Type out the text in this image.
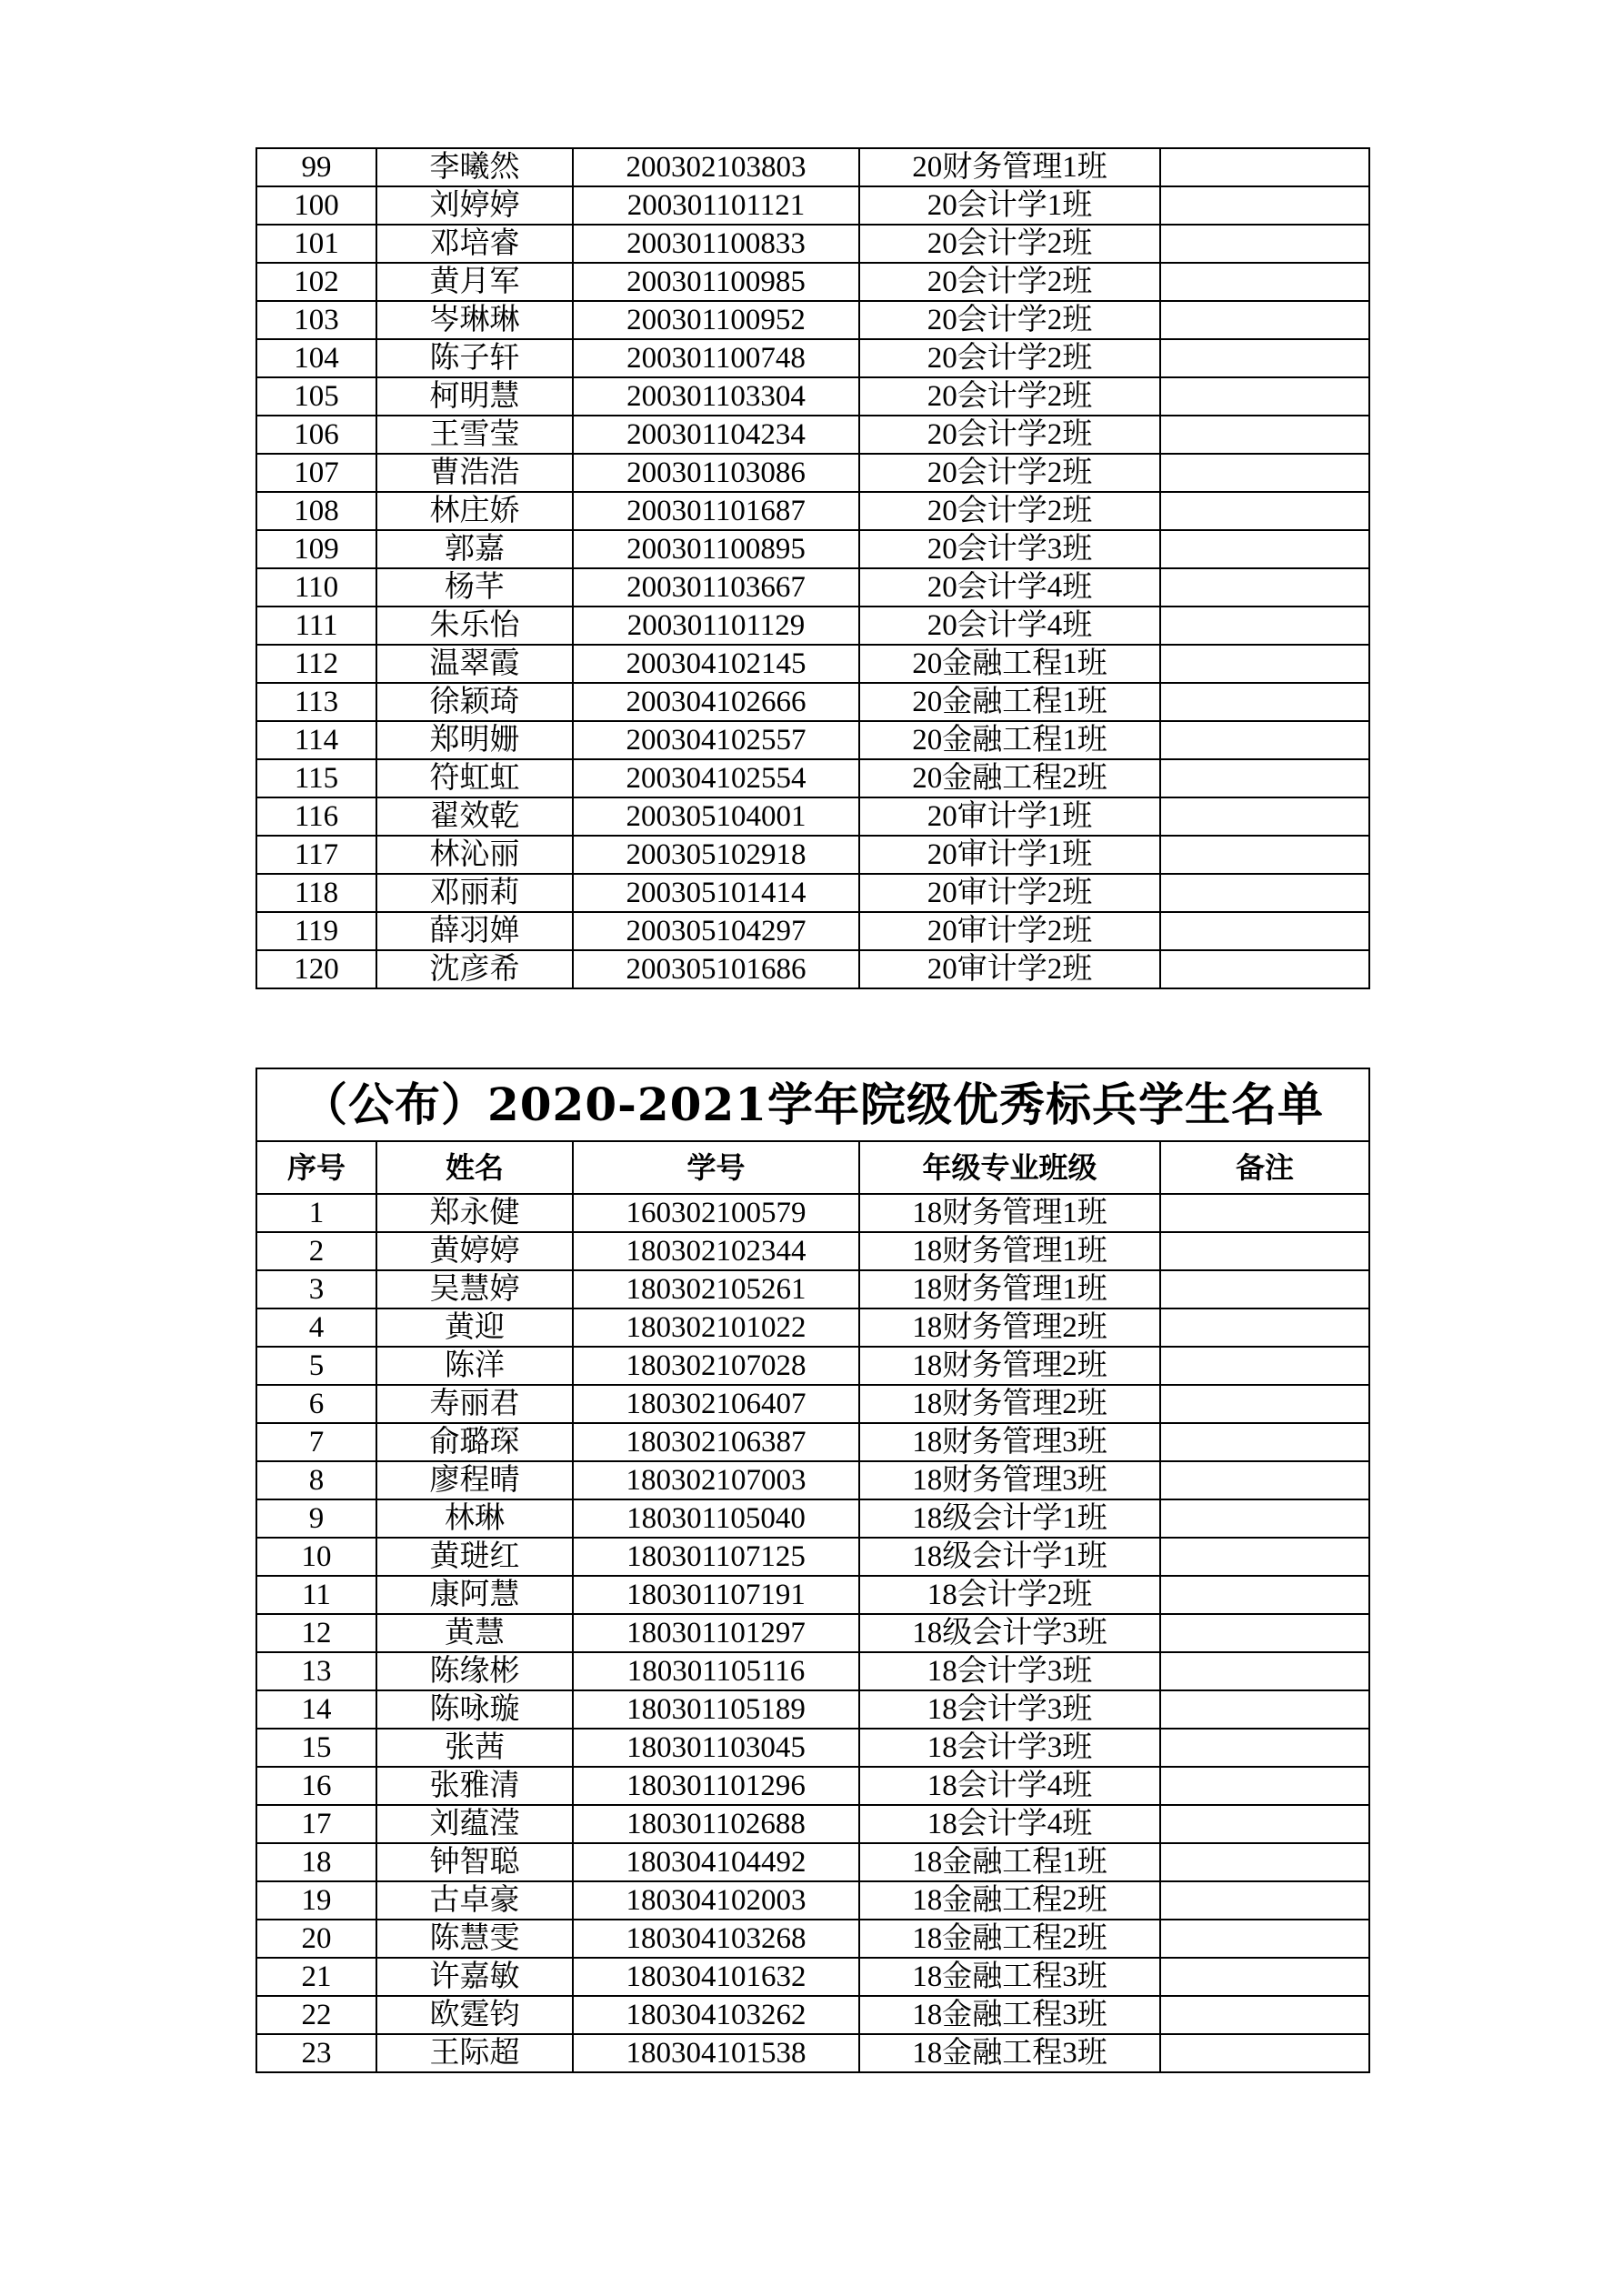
99	李曦然	200302103803	20财务管理1班	
100	刘婷婷	200301101121	20会计学1班	
101	邓培睿	200301100833	20会计学2班	
102	黄月军	200301100985	20会计学2班	
103	岑琳琳	200301100952	20会计学2班	
104	陈子轩	200301100748	20会计学2班	
105	柯明慧	200301103304	20会计学2班	
106	王雪莹	200301104234	20会计学2班	
107	曹浩浩	200301103086	20会计学2班	
108	林庄娇	200301101687	20会计学2班	
109	郭嘉	200301100895	20会计学3班	
110	杨芊	200301103667	20会计学4班	
111	朱乐怡	200301101129	20会计学4班	
112	温翠霞	200304102145	20金融工程1班	
113	徐颖琦	200304102666	20金融工程1班	
114	郑明姗	200304102557	20金融工程1班	
115	符虹虹	200304102554	20金融工程2班	
116	翟效乾	200305104001	20审计学1班	
117	林沁丽	200305102918	20审计学1班	
118	邓丽莉	200305101414	20审计学2班	
119	薛羽婵	200305104297	20审计学2班	
120	沈彦希	200305101686	20审计学2班	
（公布）2020-2021学年院级优秀标兵学生名单				
序号	姓名	学号	年级专业班级	备注
1	郑永健	160302100579	18财务管理1班	
2	黄婷婷	180302102344	18财务管理1班	
3	吴慧婷	180302105261	18财务管理1班	
4	黄迎	180302101022	18财务管理2班	
5	陈洋	180302107028	18财务管理2班	
6	寿丽君	180302106407	18财务管理2班	
7	俞璐琛	180302106387	18财务管理3班	
8	廖程晴	180302107003	18财务管理3班	
9	林琳	180301105040	18级会计学1班	
10	黄琎红	180301107125	18级会计学1班	
11	康阿慧	180301107191	18会计学2班	
12	黄慧	180301101297	18级会计学3班	
13	陈缘彬	180301105116	18会计学3班	
14	陈咏璇	180301105189	18会计学3班	
15	张茜	180301103045	18会计学3班	
16	张雅清	180301101296	18会计学4班	
17	刘蕴滢	180301102688	18会计学4班	
18	钟智聪	180304104492	18金融工程1班	
19	古卓豪	180304102003	18金融工程2班	
20	陈慧雯	180304103268	18金融工程2班	
21	许嘉敏	180304101632	18金融工程3班	
22	欧霆钧	180304103262	18金融工程3班	
23	王际超	180304101538	18金融工程3班	
